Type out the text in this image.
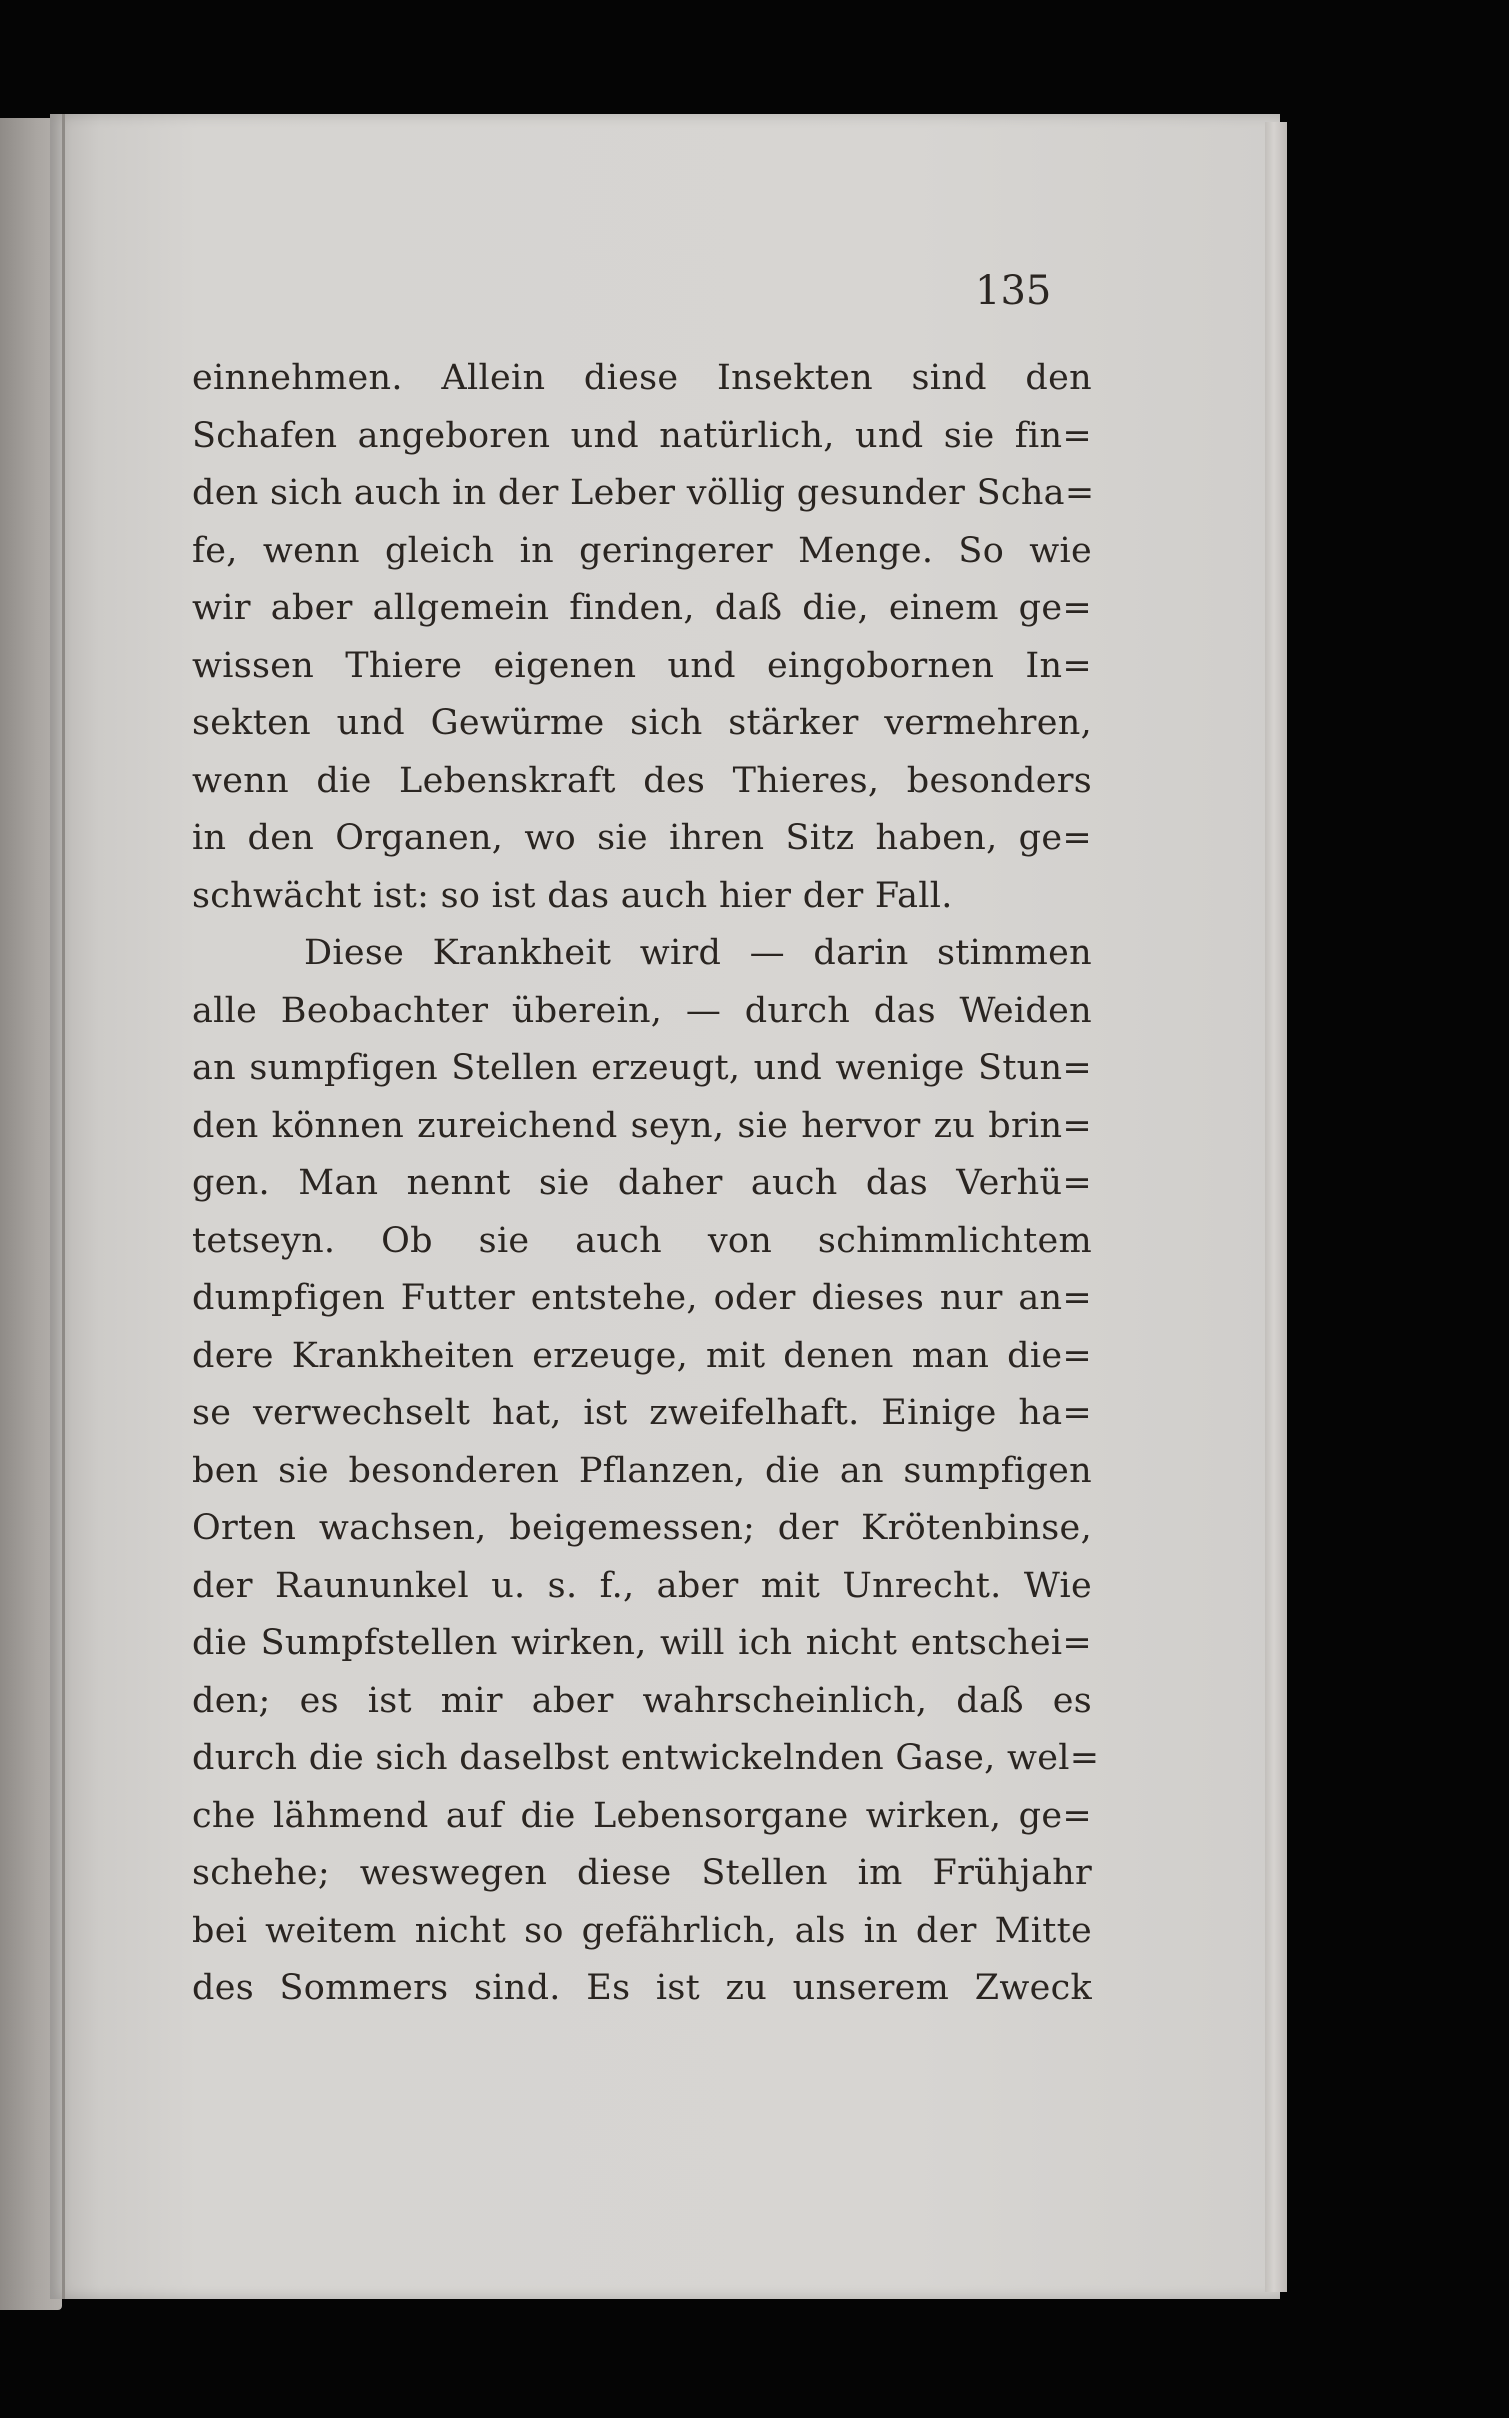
135
einnehmen. Allein diese Insekten sind den
Schafen angeboren und natürlich, und sie fin=
den sich auch in der Leber völlig gesunder Scha=
fe, wenn gleich in geringerer Menge. So wie
wir aber allgemein finden, daß die, einem ge=
wissen Thiere eigenen und eingobornen In=
sekten und Gewürme sich stärker vermehren,
wenn die Lebenskraft des Thieres, besonders
in den Organen, wo sie ihren Sitz haben, ge=
schwächt ist: so ist das auch hier der Fall.
Diese Krankheit wird — darin stimmen
alle Beobachter überein, — durch das Weiden
an sumpfigen Stellen erzeugt, und wenige Stun=
den können zureichend seyn, sie hervor zu brin=
gen. Man nennt sie daher auch das Verhü=
tetseyn. Ob sie auch von schimmlichtem
dumpfigen Futter entstehe, oder dieses nur an=
dere Krankheiten erzeuge, mit denen man die=
se verwechselt hat, ist zweifelhaft. Einige ha=
ben sie besonderen Pflanzen, die an sumpfigen
Orten wachsen, beigemessen; der Krötenbinse,
der Raununkel u. s. f., aber mit Unrecht. Wie
die Sumpfstellen wirken, will ich nicht entschei=
den; es ist mir aber wahrscheinlich, daß es
durch die sich daselbst entwickelnden Gase, wel=
che lähmend auf die Lebensorgane wirken, ge=
schehe; weswegen diese Stellen im Frühjahr
bei weitem nicht so gefährlich, als in der Mitte
des Sommers sind. Es ist zu unserem Zweck
